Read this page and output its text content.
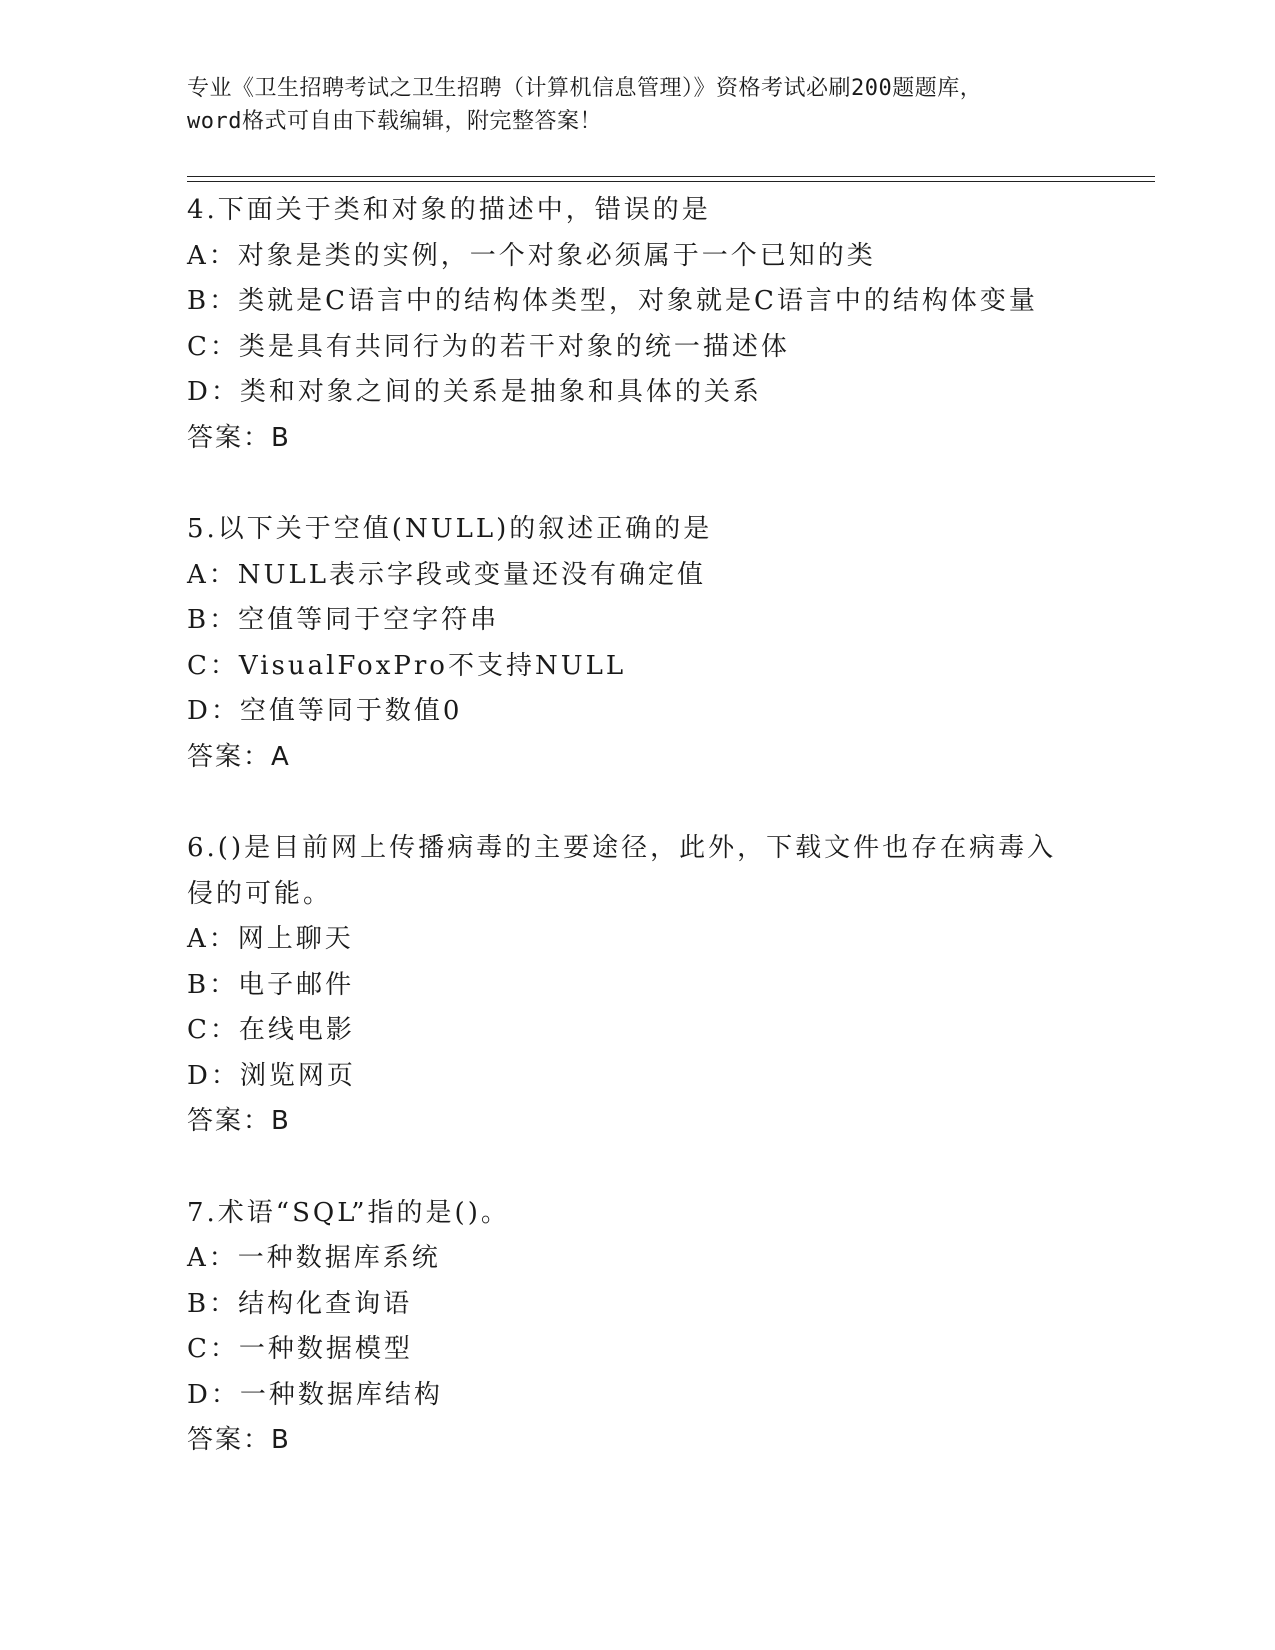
专业《卫生招聘考试之卫生招聘（计算机信息管理）》资格考试必刷200题题库，
word格式可自由下载编辑，附完整答案！
4.下面关于类和对象的描述中，错误的是
A：对象是类的实例，一个对象必须属于一个已知的类
B：类就是C语言中的结构体类型，对象就是C语言中的结构体变量
C：类是具有共同行为的若干对象的统一描述体
D：类和对象之间的关系是抽象和具体的关系
答案：B
5.以下关于空值(NULL)的叙述正确的是
A：NULL表示字段或变量还没有确定值
B：空值等同于空字符串
C：VisualFoxPro不支持NULL
D：空值等同于数值0
答案：A
6.()是目前网上传播病毒的主要途径，此外，下载文件也存在病毒入侵的可能。
A：网上聊天
B：电子邮件
C：在线电影
D：浏览网页
答案：B
7.术语“SQL”指的是()。
A：一种数据库系统
B：结构化查询语
C：一种数据模型
D：一种数据库结构
答案：B
